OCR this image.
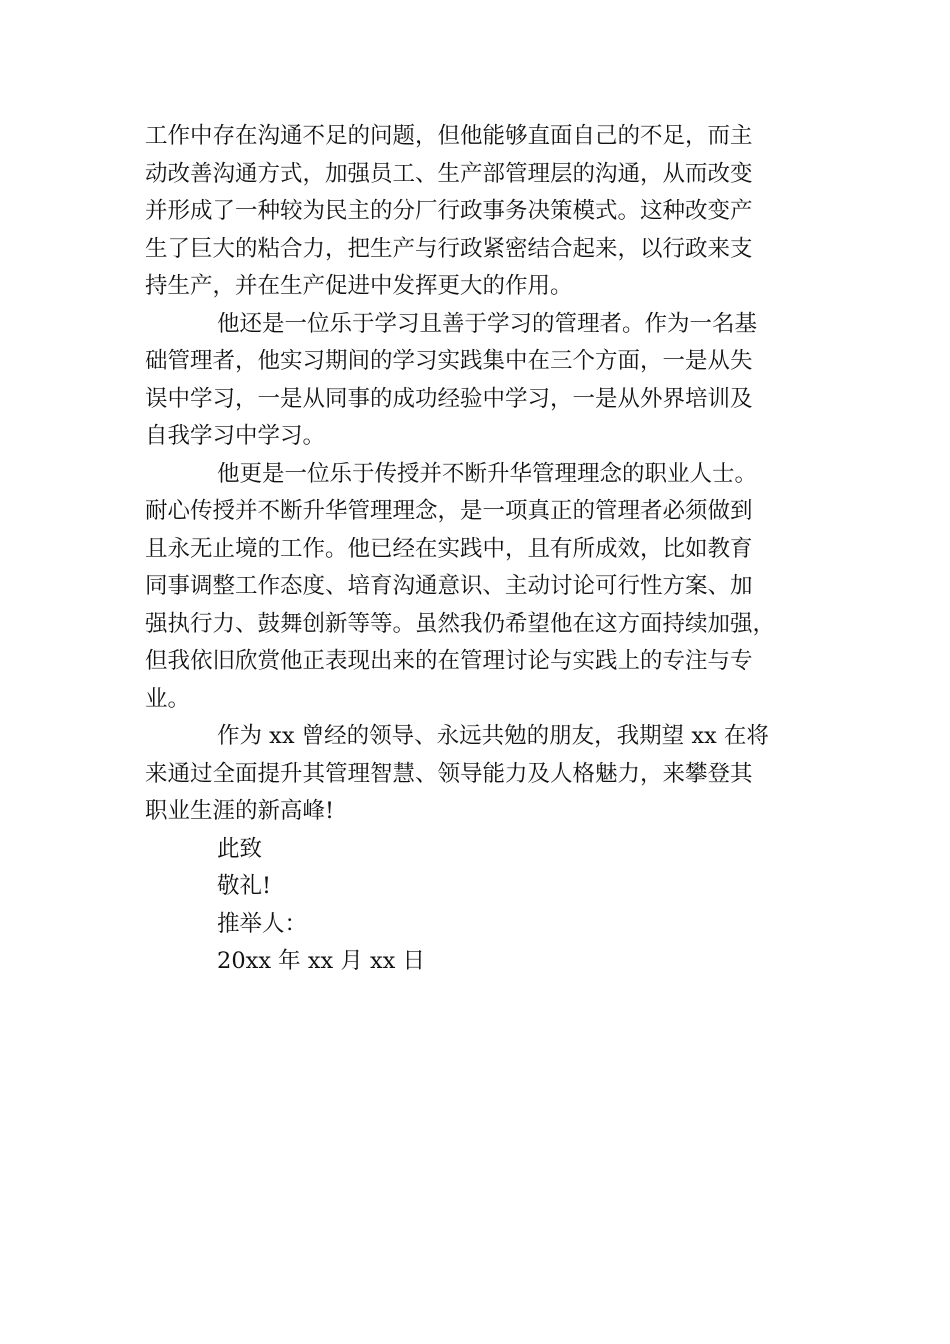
工作中存在沟通不足的问题，但他能够直面自己的不足，而主
动改善沟通方式，加强员工、生产部管理层的沟通，从而改变
并形成了一种较为民主的分厂行政事务决策模式。这种改变产
生了巨大的粘合力，把生产与行政紧密结合起来，以行政来支
持生产，并在生产促进中发挥更大的作用。
他还是一位乐于学习且善于学习的管理者。作为一名基
础管理者，他实习期间的学习实践集中在三个方面，一是从失
误中学习，一是从同事的成功经验中学习，一是从外界培训及
自我学习中学习。
他更是一位乐于传授并不断升华管理理念的职业人士。
耐心传授并不断升华管理理念，是一项真正的管理者必须做到
且永无止境的工作。他已经在实践中，且有所成效，比如教育
同事调整工作态度、培育沟通意识、主动讨论可行性方案、加
强执行力、鼓舞创新等等。虽然我仍希望他在这方面持续加强，
但我依旧欣赏他正表现出来的在管理讨论与实践上的专注与专
业。
作为 xx 曾经的领导、永远共勉的朋友，我期望 xx 在将
来通过全面提升其管理智慧、领导能力及人格魅力，来攀登其
职业生涯的新高峰!
此致
敬礼!
推举人：
20xx 年 xx 月 xx 日
